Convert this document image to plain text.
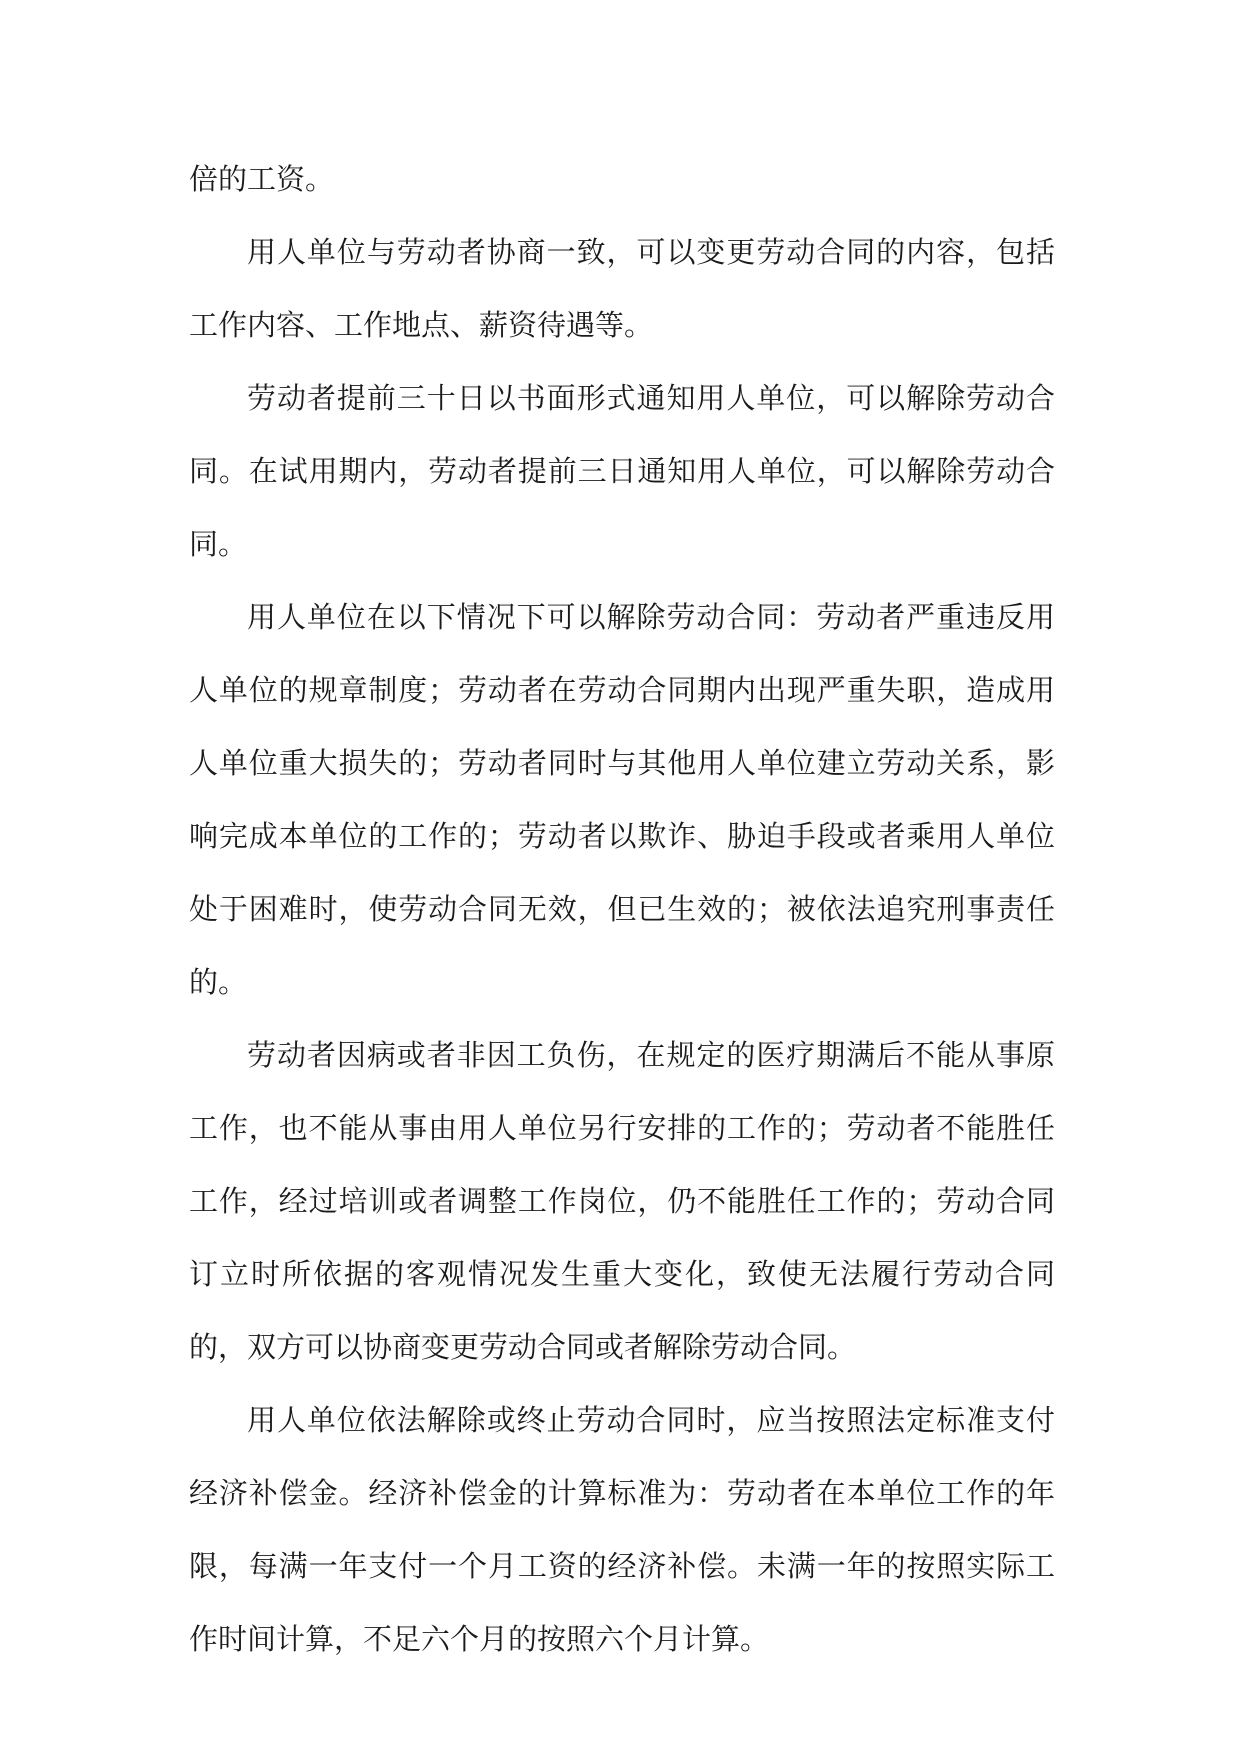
倍的工资。

用人单位与劳动者协商一致，可以变更劳动合同的内容，包括工作内容、工作地点、薪资待遇等。

劳动者提前三十日以书面形式通知用人单位，可以解除劳动合同。在试用期内，劳动者提前三日通知用人单位，可以解除劳动合同。

用人单位在以下情况下可以解除劳动合同：劳动者严重违反用人单位的规章制度；劳动者在劳动合同期内出现严重失职，造成用人单位重大损失的；劳动者同时与其他用人单位建立劳动关系，影响完成本单位的工作的；劳动者以欺诈、胁迫手段或者乘用人单位处于困难时，使劳动合同无效，但已生效的；被依法追究刑事责任的。

劳动者因病或者非因工负伤，在规定的医疗期满后不能从事原工作，也不能从事由用人单位另行安排的工作的；劳动者不能胜任工作，经过培训或者调整工作岗位，仍不能胜任工作的；劳动合同订立时所依据的客观情况发生重大变化，致使无法履行劳动合同的，双方可以协商变更劳动合同或者解除劳动合同。

用人单位依法解除或终止劳动合同时，应当按照法定标准支付经济补偿金。经济补偿金的计算标准为：劳动者在本单位工作的年限，每满一年支付一个月工资的经济补偿。未满一年的按照实际工作时间计算，不足六个月的按照六个月计算。
